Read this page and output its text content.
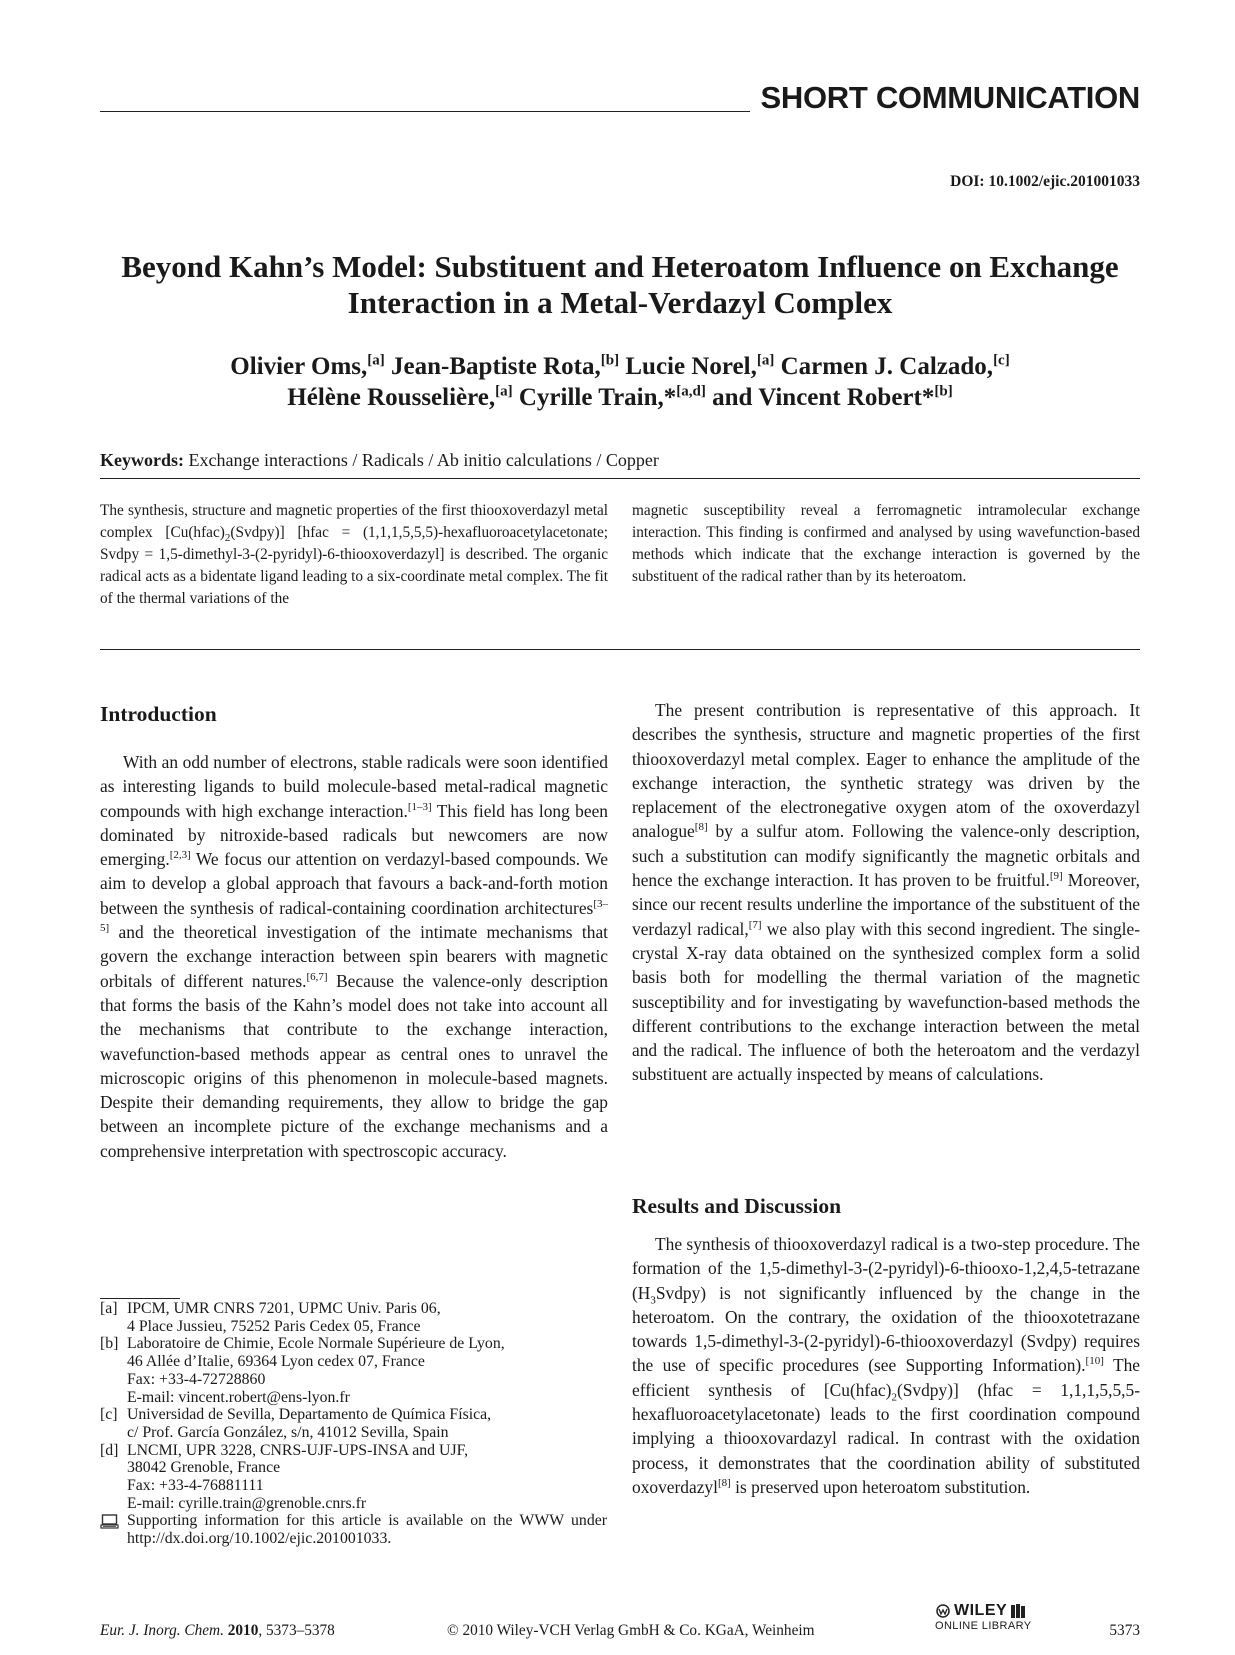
SHORT COMMUNICATION
DOI: 10.1002/ejic.201001033
Beyond Kahn’s Model: Substituent and Heteroatom Influence on Exchange
Interaction in a Metal-Verdazyl Complex
Olivier Oms,[a] Jean-Baptiste Rota,[b] Lucie Norel,[a] Carmen J. Calzado,[c]
Hélène Rousselière,[a] Cyrille Train,*[a,d] and Vincent Robert*[b]
Keywords: Exchange interactions / Radicals / Ab initio calculations / Copper
The synthesis, structure and magnetic properties of the first thiooxoverdazyl metal complex $[Cu(hfac)_2(Svdpy)]$ [hfac = (1,1,1,5,5,5)-hexafluoroacetylacetonate; Svdpy = 1,5-dimethyl-3-(2-pyridyl)-6-thiooxoverdazyl] is described. The organic radical acts as a bidentate ligand leading to a six-coordinate metal complex. The fit of the thermal variations of the
magnetic susceptibility reveal a ferromagnetic intramolecular exchange interaction. This finding is confirmed and analysed by using wavefunction-based methods which indicate that the exchange interaction is governed by the substituent of the radical rather than by its heteroatom.
Introduction

With an odd number of electrons, stable radicals were soon identified as interesting ligands to build molecule-based metal-radical magnetic compounds with high exchange interaction.[1–3] This field has long been dominated by nitroxide-based radicals but newcomers are now emerging.[2,3] We focus our attention on verdazyl-based compounds. We aim to develop a global approach that favours a back-and-forth motion between the synthesis of radical-containing coordination architectures[3–5] and the theoretical investigation of the intimate mechanisms that govern the exchange interaction between spin bearers with magnetic orbitals of different natures.[6,7] Because the valence-only description that forms the basis of the Kahn’s model does not take into account all the mechanisms that contribute to the exchange interaction, wavefunction-based methods appear as central ones to unravel the microscopic origins of this phenomenon in molecule-based magnets. Despite their demanding requirements, they allow to bridge the gap between an incomplete picture of the exchange mechanisms and a comprehensive interpretation with spectroscopic accuracy.

[a] IPCM, UMR CNRS 7201, UPMC Univ. Paris 06,
4 Place Jussieu, 75252 Paris Cedex 05, France
[b] Laboratoire de Chimie, Ecole Normale Supérieure de Lyon,
46 Allée d’Italie, 69364 Lyon cedex 07, France
Fax: +33-4-72728860
E-mail: vincent.robert@ens-lyon.fr
[c] Universidad de Sevilla, Departamento de Química Física,
c/ Prof. García González, s/n, 41012 Sevilla, Spain
[d] LNCMI, UPR 3228, CNRS-UJF-UPS-INSA and UJF,
38042 Grenoble, France
Fax: +33-4-76881111
E-mail: cyrille.train@grenoble.cnrs.fr
Supporting information for this article is available on the WWW under http://dx.doi.org/10.1002/ejic.201001033.

The present contribution is representative of this approach. It describes the synthesis, structure and magnetic properties of the first thiooxoverdazyl metal complex. Eager to enhance the amplitude of the exchange interaction, the synthetic strategy was driven by the replacement of the electronegative oxygen atom of the oxoverdazyl analogue[8] by a sulfur atom. Following the valence-only description, such a substitution can modify significantly the magnetic orbitals and hence the exchange interaction. It has proven to be fruitful.[9] Moreover, since our recent results underline the importance of the substituent of the verdazyl radical,[7] we also play with this second ingredient. The single-crystal X-ray data obtained on the synthesized complex form a solid basis both for modelling the thermal variation of the magnetic susceptibility and for investigating by wavefunction-based methods the different contributions to the exchange interaction between the metal and the radical. The influence of both the heteroatom and the verdazyl substituent are actually inspected by means of calculations.

Results and Discussion

The synthesis of thiooxoverdazyl radical is a two-step procedure. The formation of the 1,5-dimethyl-3-(2-pyridyl)-6-thiooxo-1,2,4,5-tetrazane $(H_3Svdpy)$ is not significantly influenced by the change in the heteroatom. On the contrary, the oxidation of the thiooxotetrazane towards 1,5-dimethyl-3-(2-pyridyl)-6-thiooxoverdazyl (Svdpy) requires the use of specific procedures (see Supporting Information).[10] The efficient synthesis of $[Cu(hfac)_2(Svdpy)]$ (hfac = 1,1,1,5,5,5-hexafluoroacetylacetonate) leads to the first coordination compound implying a thiooxovardazyl radical. In contrast with the oxidation process, it demonstrates that the coordination ability of substituted oxoverdazyl[8] is preserved upon heteroatom substitution.

Eur. J. Inorg. Chem. 2010, 5373–5378	© 2010 Wiley-VCH Verlag GmbH & Co. KGaA, Weinheim
WILEY
ONLINE LIBRARY	5373
